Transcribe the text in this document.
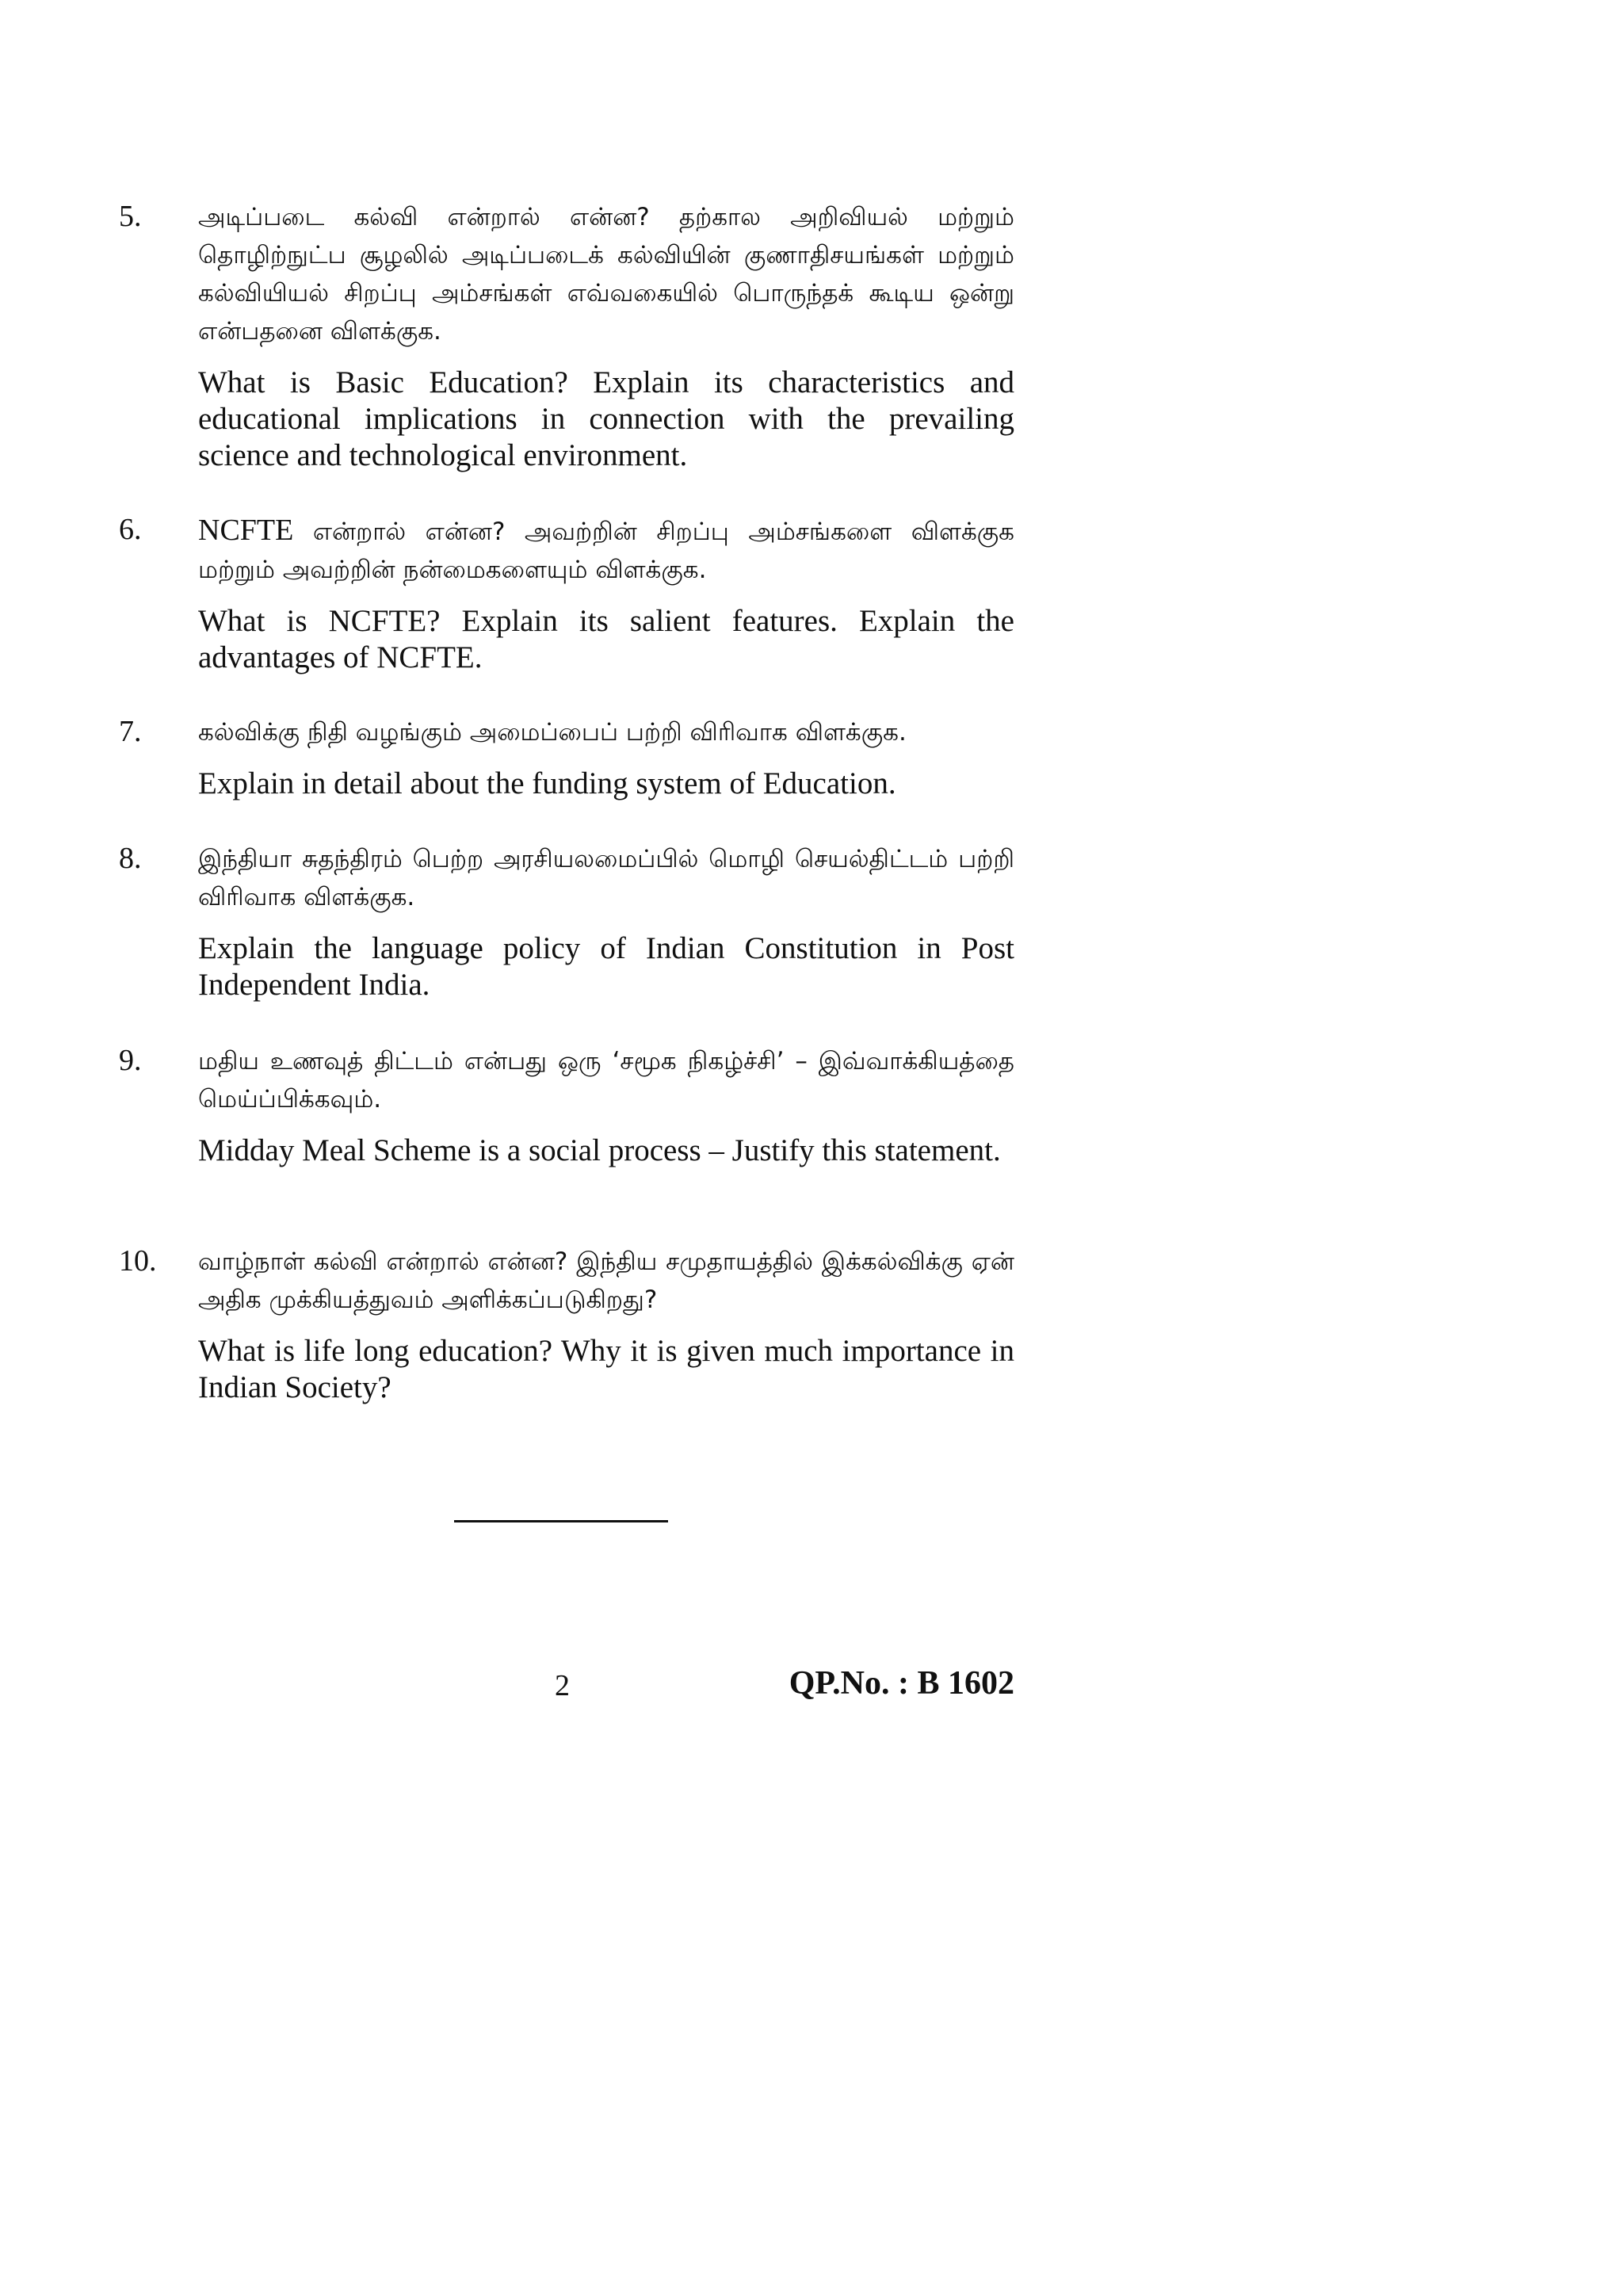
5. அடிப்படை கல்வி என்றால் என்ன? தற்கால அறிவியல் மற்றும் தொழிற்நுட்ப சூழலில் அடிப்படைக் கல்வியின் குணாதிசயங்கள் மற்றும் கல்வியியல் சிறப்பு அம்சங்கள் எவ்வகையில் பொருந்தக் கூடிய ஒன்று என்பதனை விளக்குக.

What is Basic Education? Explain its characteristics and educational implications in connection with the prevailing science and technological environment.

6. NCFTE என்றால் என்ன? அவற்றின் சிறப்பு அம்சங்களை விளக்குக மற்றும் அவற்றின் நன்மைகளையும் விளக்குக.

What is NCFTE? Explain its salient features. Explain the advantages of NCFTE.

7. கல்விக்கு நிதி வழங்கும் அமைப்பைப் பற்றி விரிவாக விளக்குக.

Explain in detail about the funding system of Education.

8. இந்தியா சுதந்திரம் பெற்ற அரசியலமைப்பில் மொழி செயல்திட்டம் பற்றி விரிவாக விளக்குக.

Explain the language policy of Indian Constitution in Post Independent India.

9. மதிய உணவுத் திட்டம் என்பது ஒரு ‘சமூக நிகழ்ச்சி’ – இவ்வாக்கியத்தை மெய்ப்பிக்கவும்.

Midday Meal Scheme is a social process – Justify this statement.

10. வாழ்நாள் கல்வி என்றால் என்ன? இந்திய சமுதாயத்தில் இக்கல்விக்கு ஏன் அதிக முக்கியத்துவம் அளிக்கப்படுகிறது?

What is life long education? Why it is given much importance in Indian Society?

2	QP.No. : B 1602
